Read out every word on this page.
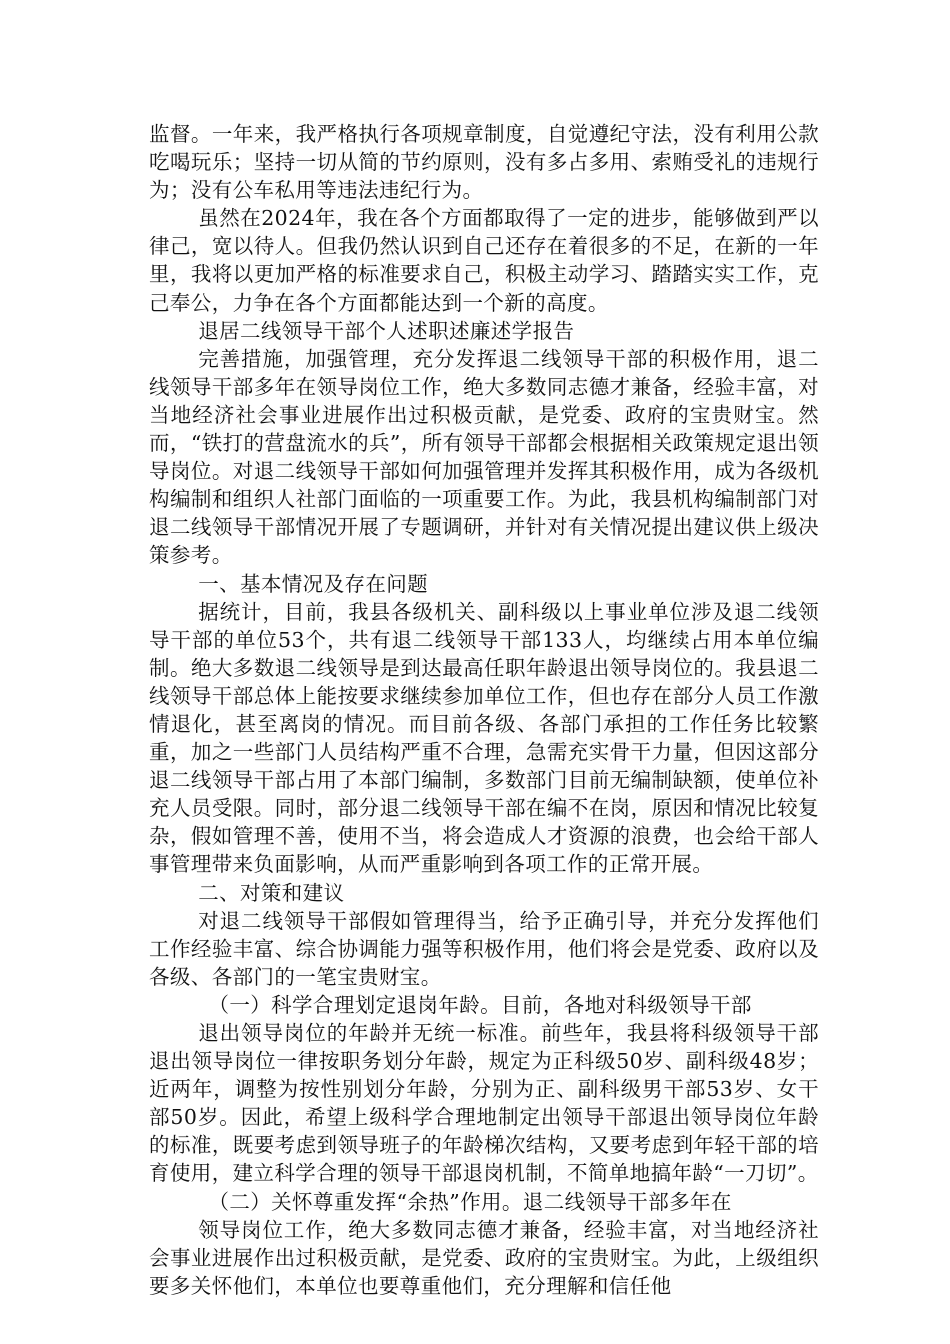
监督。一年来，我严格执行各项规章制度，自觉遵纪守法，没有利用公款吃喝玩乐；坚持一切从简的节约原则，没有多占多用、索贿受礼的违规行为；没有公车私用等违法违纪行为。

虽然在2024年，我在各个方面都取得了一定的进步，能够做到严以律己，宽以待人。但我仍然认识到自己还存在着很多的不足，在新的一年里，我将以更加严格的标准要求自己，积极主动学习、踏踏实实工作，克己奉公，力争在各个方面都能达到一个新的高度。

退居二线领导干部个人述职述廉述学报告

完善措施，加强管理，充分发挥退二线领导干部的积极作用，退二线领导干部多年在领导岗位工作，绝大多数同志德才兼备，经验丰富，对当地经济社会事业进展作出过积极贡献，是党委、政府的宝贵财宝。然而，“铁打的营盘流水的兵”，所有领导干部都会根据相关政策规定退出领导岗位。对退二线领导干部如何加强管理并发挥其积极作用，成为各级机构编制和组织人社部门面临的一项重要工作。为此，我县机构编制部门对退二线领导干部情况开展了专题调研，并针对有关情况提出建议供上级决策参考。

一、基本情况及存在问题

据统计，目前，我县各级机关、副科级以上事业单位涉及退二线领导干部的单位53个，共有退二线领导干部133人，均继续占用本单位编制。绝大多数退二线领导是到达最高任职年龄退出领导岗位的。我县退二线领导干部总体上能按要求继续参加单位工作，但也存在部分人员工作激情退化，甚至离岗的情况。而目前各级、各部门承担的工作任务比较繁重，加之一些部门人员结构严重不合理，急需充实骨干力量，但因这部分退二线领导干部占用了本部门编制，多数部门目前无编制缺额，使单位补充人员受限。同时，部分退二线领导干部在编不在岗，原因和情况比较复杂，假如管理不善，使用不当，将会造成人才资源的浪费，也会给干部人事管理带来负面影响，从而严重影响到各项工作的正常开展。

二、对策和建议

对退二线领导干部假如管理得当，给予正确引导，并充分发挥他们工作经验丰富、综合协调能力强等积极作用，他们将会是党委、政府以及各级、各部门的一笔宝贵财宝。

（一）科学合理划定退岗年龄。目前，各地对科级领导干部

退出领导岗位的年龄并无统一标准。前些年，我县将科级领导干部退出领导岗位一律按职务划分年龄，规定为正科级50岁、副科级48岁；近两年，调整为按性别划分年龄，分别为正、副科级男干部53岁、女干部50岁。因此，希望上级科学合理地制定出领导干部退出领导岗位年龄的标准，既要考虑到领导班子的年龄梯次结构，又要考虑到年轻干部的培育使用，建立科学合理的领导干部退岗机制，不简单地搞年龄“一刀切”。

（二）关怀尊重发挥“余热”作用。退二线领导干部多年在

领导岗位工作，绝大多数同志德才兼备，经验丰富，对当地经济社会事业进展作出过积极贡献，是党委、政府的宝贵财宝。为此，上级组织要多关怀他们，本单位也要尊重他们，充分理解和信任他
